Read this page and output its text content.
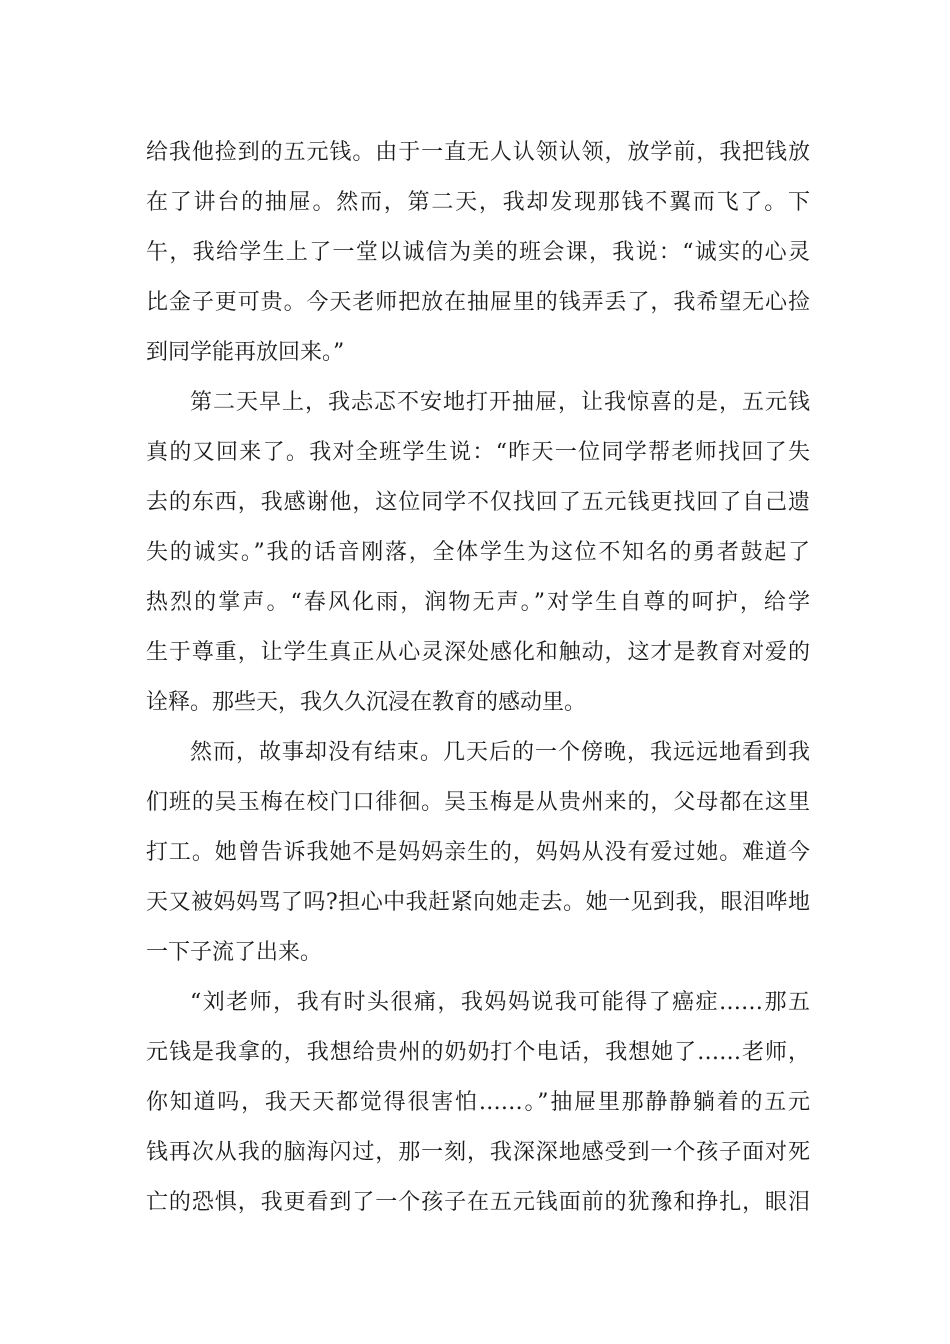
给我他捡到的五元钱。由于一直无人认领认领，放学前，我把钱放
在了讲台的抽屉。然而，第二天，我却发现那钱不翼而飞了。下
午，我给学生上了一堂以诚信为美的班会课，我说：“诚实的心灵
比金子更可贵。今天老师把放在抽屉里的钱弄丢了，我希望无心捡
到同学能再放回来。”
第二天早上，我忐忑不安地打开抽屉，让我惊喜的是，五元钱
真的又回来了。我对全班学生说：“昨天一位同学帮老师找回了失
去的东西，我感谢他，这位同学不仅找回了五元钱更找回了自己遗
失的诚实。”我的话音刚落，全体学生为这位不知名的勇者鼓起了
热烈的掌声。“春风化雨，润物无声。”对学生自尊的呵护，给学
生于尊重，让学生真正从心灵深处感化和触动，这才是教育对爱的
诠释。那些天，我久久沉浸在教育的感动里。
然而，故事却没有结束。几天后的一个傍晚，我远远地看到我
们班的吴玉梅在校门口徘徊。吴玉梅是从贵州来的，父母都在这里
打工。她曾告诉我她不是妈妈亲生的，妈妈从没有爱过她。难道今
天又被妈妈骂了吗?担心中我赶紧向她走去。她一见到我，眼泪哗地
一下子流了出来。
“刘老师，我有时头很痛，我妈妈说我可能得了癌症……那五
元钱是我拿的，我想给贵州的奶奶打个电话，我想她了……老师，
你知道吗，我天天都觉得很害怕……。”抽屉里那静静躺着的五元
钱再次从我的脑海闪过，那一刻，我深深地感受到一个孩子面对死
亡的恐惧，我更看到了一个孩子在五元钱面前的犹豫和挣扎，眼泪
